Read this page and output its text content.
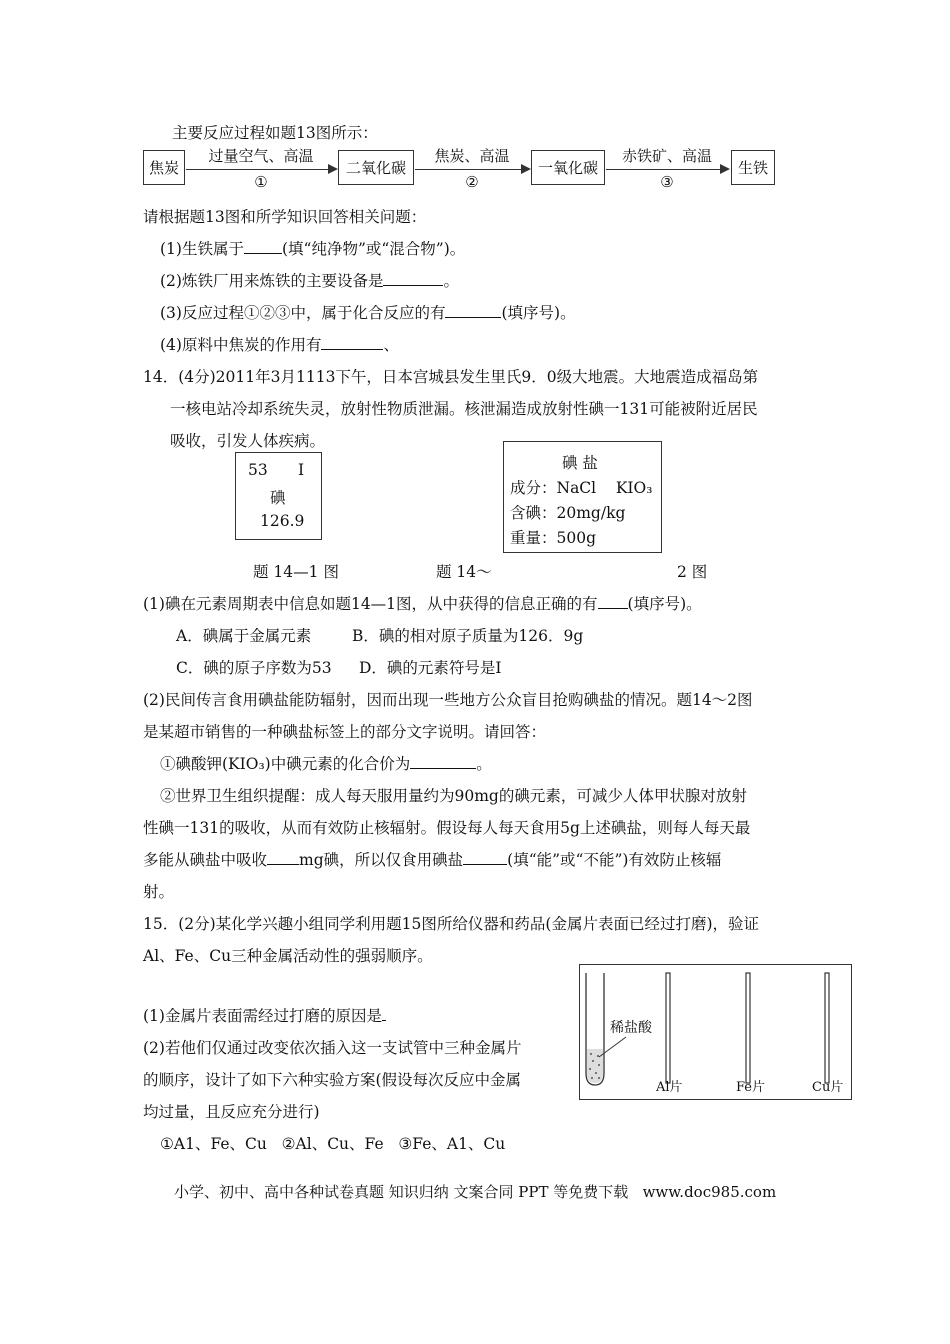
主要反应过程如题13图所示：
焦炭
过量空气、高温
①
二氧化碳
焦炭、高温
②
一氧化碳
赤铁矿、高温
③
生铁
请根据题13图和所学知识回答相关问题：
(1)生铁属于 (填“纯净物”或“混合物”)。
(2)炼铁厂用来炼铁的主要设备是	。
(3)反应过程①②③中，属于化合反应的有	(填序号)。
(4)原料中焦炭的作用有	、
14．(4分)2011年3月1113下午，日本宫城县发生里氏9．0级大地震。大地震造成福岛第
一核电站冷却系统失灵，放射性物质泄漏。核泄漏造成放射性碘一131可能被附近居民
吸收，引发人体疾病。
53 I
碘
126.9
碘 盐
成分：NaCl    KIO₃
含碘：20mg/kg
重量：500g
题 14—1 图	题 14～	2 图
(1)碘在元素周期表中信息如题14—1图，从中获得的信息正确的有 (填序号)。
A．碘属于金属元素	B．碘的相对原子质量为126．9g
C．碘的原子序数为53 D．碘的元素符号是I
(2)民间传言食用碘盐能防辐射，因而出现一些地方公众盲目抢购碘盐的情况。题14～2图
是某超市销售的一种碘盐标签上的部分文字说明。请回答：
①碘酸钾(KIO₃)中碘元素的化合价为	。
②世界卫生组织提醒：成人每天服用量约为90mg的碘元素，可减少人体甲状腺对放射
性碘一131的吸收，从而有效防止核辐射。假设每人每天食用5g上述碘盐，则每人每天最
多能从碘盐中吸收 mg碘，所以仅食用碘盐	(填“能”或“不能”)有效防止核辐
射。
15．(2分)某化学兴趣小组同学利用题15图所给仪器和药品(金属片表面已经过打磨)，验证
Al、Fe、Cu三种金属活动性的强弱顺序。
稀盐酸
Al片	Fe片	Cu片
(1)金属片表面需经过打磨的原因是
(2)若他们仅通过改变依次插入这一支试管中三种金属片
的顺序，设计了如下六种实验方案(假设每次反应中金属
均过量，且反应充分进行)
①A1、Fe、Cu   ②Al、Cu、Fe   ③Fe、A1、Cu
小学、初中、高中各种试卷真题 知识归纳 文案合同 PPT 等免费下载   www.doc985.com
